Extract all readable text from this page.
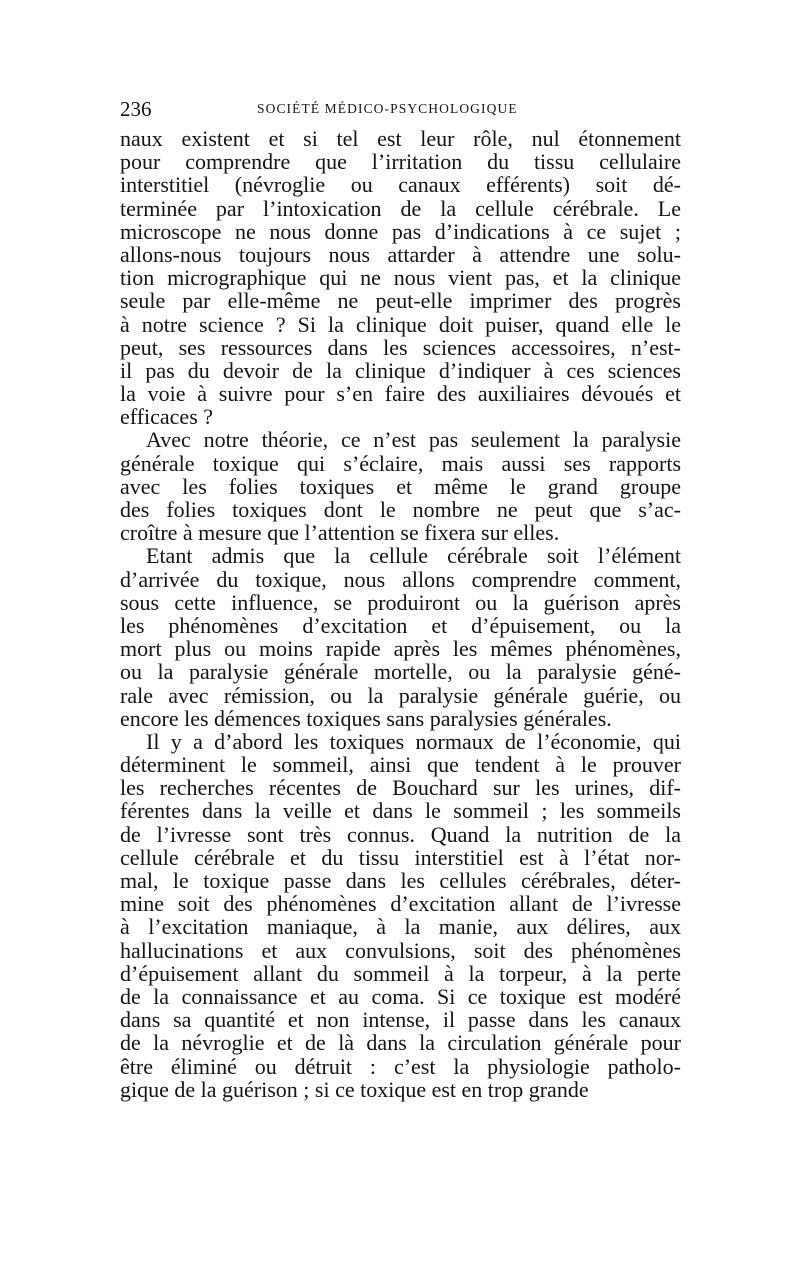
236	SOCIÉTÉ MÉDICO-PSYCHOLOGIQUE
naux existent et si tel est leur rôle, nul étonnement
pour comprendre que l’irritation du tissu cellulaire
interstitiel (névroglie ou canaux efférents) soit dé-
terminée par l’intoxication de la cellule cérébrale. Le
microscope ne nous donne pas d’indications à ce sujet ;
allons-nous toujours nous attarder à attendre une solu-
tion micrographique qui ne nous vient pas, et la clinique
seule par elle-même ne peut-elle imprimer des progrès
à notre science ? Si la clinique doit puiser, quand elle le
peut, ses ressources dans les sciences accessoires, n’est-
il pas du devoir de la clinique d’indiquer à ces sciences
la voie à suivre pour s’en faire des auxiliaires dévoués et
efficaces ?
Avec notre théorie, ce n’est pas seulement la paralysie
générale toxique qui s’éclaire, mais aussi ses rapports
avec les folies toxiques et même le grand groupe
des folies toxiques dont le nombre ne peut que s’ac-
croître à mesure que l’attention se fixera sur elles.
Etant admis que la cellule cérébrale soit l’élément
d’arrivée du toxique, nous allons comprendre comment,
sous cette influence, se produiront ou la guérison après
les phénomènes d’excitation et d’épuisement, ou la
mort plus ou moins rapide après les mêmes phénomènes,
ou la paralysie générale mortelle, ou la paralysie géné-
rale avec rémission, ou la paralysie générale guérie, ou
encore les démences toxiques sans paralysies générales.
Il y a d’abord les toxiques normaux de l’économie, qui
déterminent le sommeil, ainsi que tendent à le prouver
les recherches récentes de Bouchard sur les urines, dif-
férentes dans la veille et dans le sommeil ; les sommeils
de l’ivresse sont très connus. Quand la nutrition de la
cellule cérébrale et du tissu interstitiel est à l’état nor-
mal, le toxique passe dans les cellules cérébrales, déter-
mine soit des phénomènes d’excitation allant de l’ivresse
à l’excitation maniaque, à la manie, aux délires, aux
hallucinations et aux convulsions, soit des phénomènes
d’épuisement allant du sommeil à la torpeur, à la perte
de la connaissance et au coma. Si ce toxique est modéré
dans sa quantité et non intense, il passe dans les canaux
de la névroglie et de là dans la circulation générale pour
être éliminé ou détruit : c’est la physiologie patholo-
gique de la guérison ; si ce toxique est en trop grande
